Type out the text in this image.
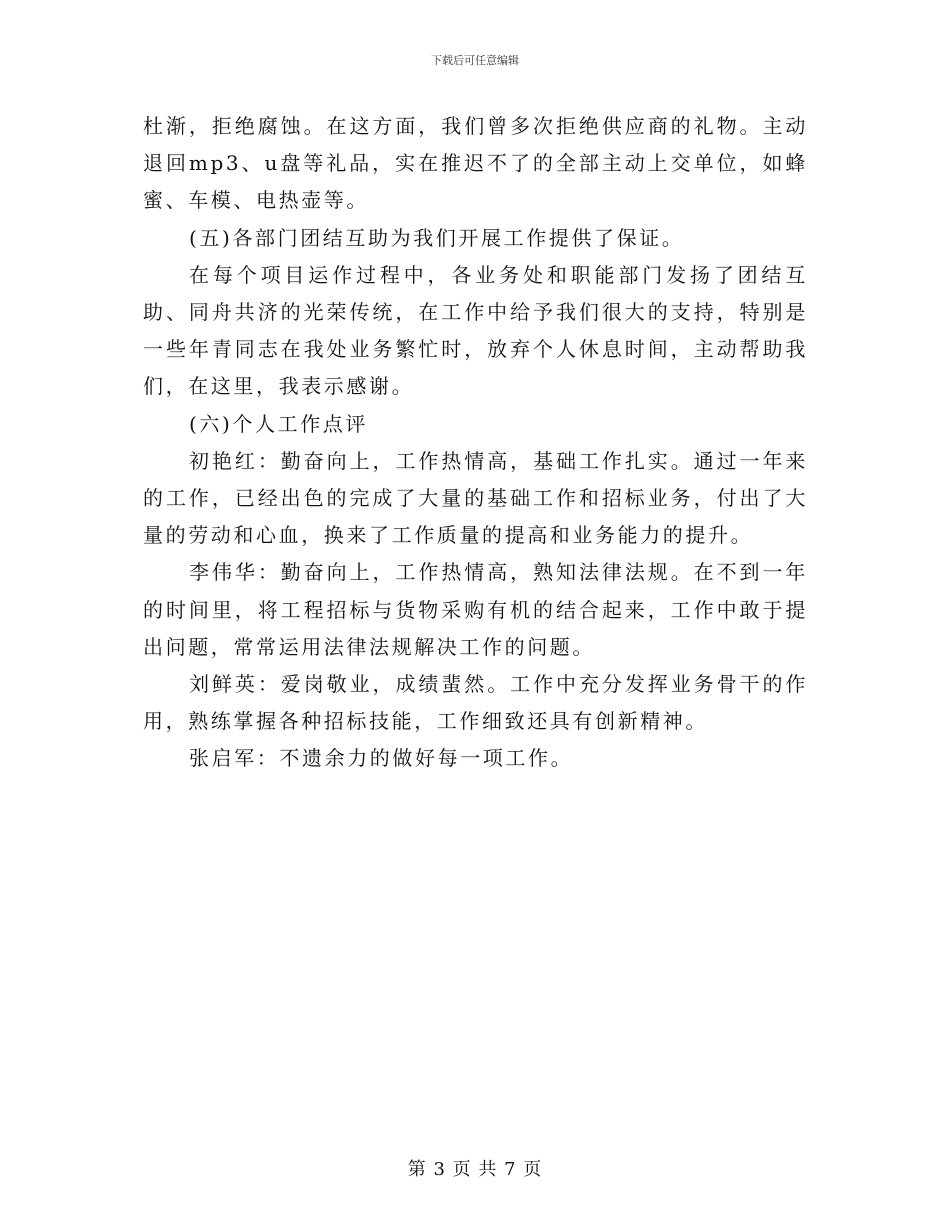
下载后可任意编辑

杜渐，拒绝腐蚀。在这方面，我们曾多次拒绝供应商的礼物。主动退回mp3、u盘等礼品，实在推迟不了的全部主动上交单位，如蜂蜜、车模、电热壶等。

(五)各部门团结互助为我们开展工作提供了保证。

在每个项目运作过程中，各业务处和职能部门发扬了团结互助、同舟共济的光荣传统，在工作中给予我们很大的支持，特别是一些年青同志在我处业务繁忙时，放弃个人休息时间，主动帮助我们，在这里，我表示感谢。

(六)个人工作点评

初艳红：勤奋向上，工作热情高，基础工作扎实。通过一年来的工作，已经出色的完成了大量的基础工作和招标业务，付出了大量的劳动和心血，换来了工作质量的提高和业务能力的提升。

李伟华：勤奋向上，工作热情高，熟知法律法规。在不到一年的时间里，将工程招标与货物采购有机的结合起来，工作中敢于提出问题，常常运用法律法规解决工作的问题。

刘鲜英：爱岗敬业，成绩蜚然。工作中充分发挥业务骨干的作用，熟练掌握各种招标技能，工作细致还具有创新精神。

张启军：不遗余力的做好每一项工作。

第 3 页 共 7 页
